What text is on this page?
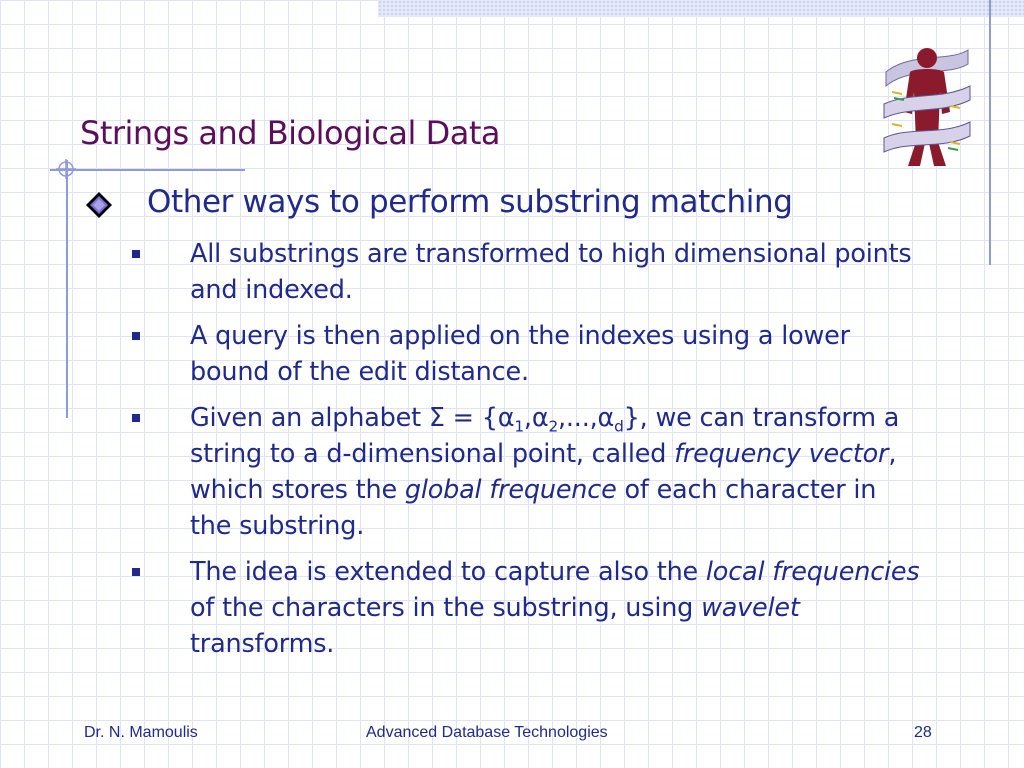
Strings and Biological Data

Other ways to perform substring matching

All substrings are transformed to high dimensional points and indexed.
A query is then applied on the indexes using a lower bound of the edit distance.
Given an alphabet $\Sigma = \{\alpha_1,\alpha_2,...,\alpha_d\}$, we can transform a string to a d-dimensional point, called frequency vector, which stores the global frequence of each character in the substring.
The idea is extended to capture also the local frequencies of the characters in the substring, using wavelet transforms.

Dr. N. Mamoulis	Advanced Database Technologies	28
